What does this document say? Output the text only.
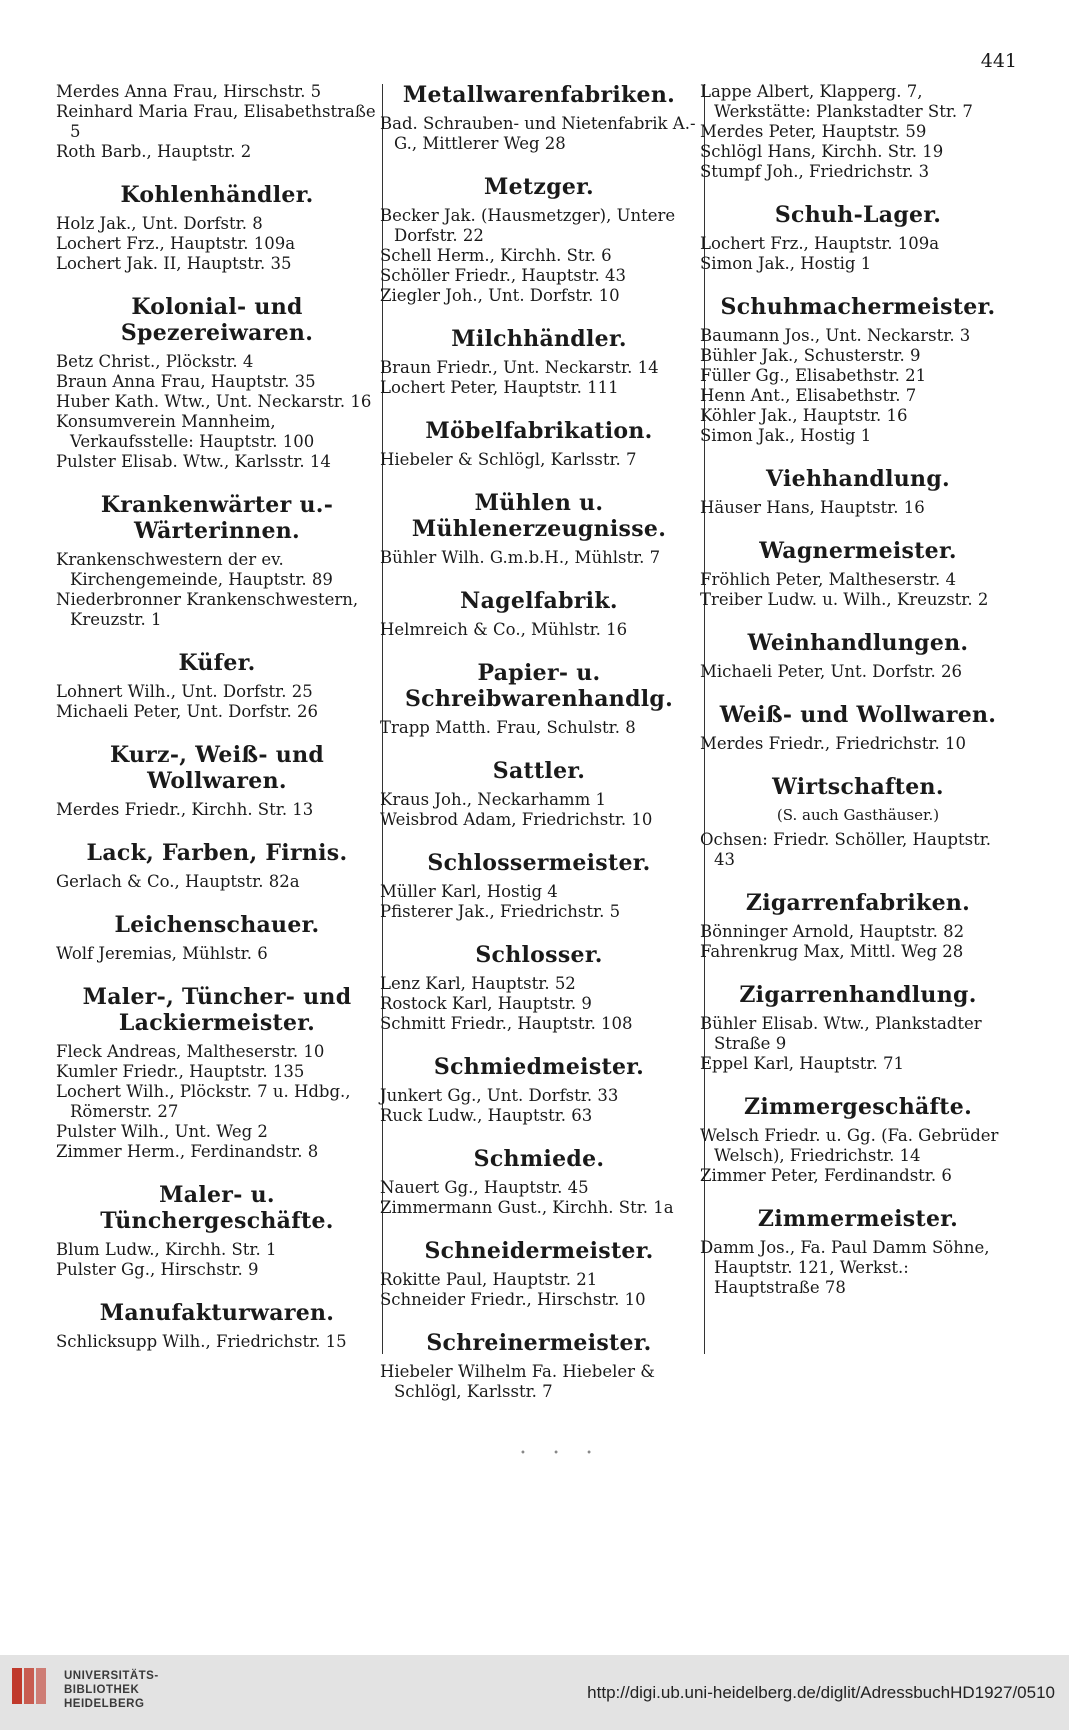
441

Merdes Anna Frau, Hirschstr. 5

Reinhard Maria Frau, Elisabethstraße 5

Roth Barb., Hauptstr. 2

Kohlenhändler.

Holz Jak., Unt. Dorfstr. 8

Lochert Frz., Hauptstr. 109a

Lochert Jak. II, Hauptstr. 35

Kolonial- und Spezereiwaren.

Betz Christ., Plöckstr. 4

Braun Anna Frau, Hauptstr. 35

Huber Kath. Wtw., Unt. Neckarstr. 16

Konsumverein Mannheim, Verkaufsstelle: Hauptstr. 100

Pulster Elisab. Wtw., Karlsstr. 14

Krankenwärter u.-Wärterinnen.

Krankenschwestern der ev. Kirchengemeinde, Hauptstr. 89

Niederbronner Krankenschwestern, Kreuzstr. 1

Küfer.

Lohnert Wilh., Unt. Dorfstr. 25

Michaeli Peter, Unt. Dorfstr. 26

Kurz-, Weiß- und Wollwaren.

Merdes Friedr., Kirchh. Str. 13

Lack, Farben, Firnis.

Gerlach & Co., Hauptstr. 82a

Leichenschauer.

Wolf Jeremias, Mühlstr. 6

Maler-, Tüncher- und Lackiermeister.

Fleck Andreas, Maltheserstr. 10

Kumler Friedr., Hauptstr. 135

Lochert Wilh., Plöckstr. 7 u. Hdbg., Römerstr. 27

Pulster Wilh., Unt. Weg 2

Zimmer Herm., Ferdinandstr. 8

Maler- u. Tünchergeschäfte.

Blum Ludw., Kirchh. Str. 1

Pulster Gg., Hirschstr. 9

Manufakturwaren.

Schlicksupp Wilh., Friedrichstr. 15

Metallwarenfabriken.

Bad. Schrauben- und Nietenfabrik A.-G., Mittlerer Weg 28

Metzger.

Becker Jak. (Hausmetzger), Untere Dorfstr. 22

Schell Herm., Kirchh. Str. 6

Schöller Friedr., Hauptstr. 43

Ziegler Joh., Unt. Dorfstr. 10

Milchhändler.

Braun Friedr., Unt. Neckarstr. 14

Lochert Peter, Hauptstr. 111

Möbelfabrikation.

Hiebeler & Schlögl, Karlsstr. 7

Mühlen u. Mühlenerzeugnisse.

Bühler Wilh. G.m.b.H., Mühlstr. 7

Nagelfabrik.

Helmreich & Co., Mühlstr. 16

Papier- u. Schreibwarenhandlg.

Trapp Matth. Frau, Schulstr. 8

Sattler.

Kraus Joh., Neckarhamm 1

Weisbrod Adam, Friedrichstr. 10

Schlossermeister.

Müller Karl, Hostig 4

Pfisterer Jak., Friedrichstr. 5

Schlosser.

Lenz Karl, Hauptstr. 52

Rostock Karl, Hauptstr. 9

Schmitt Friedr., Hauptstr. 108

Schmiedmeister.

Junkert Gg., Unt. Dorfstr. 33

Ruck Ludw., Hauptstr. 63

Schmiede.

Nauert Gg., Hauptstr. 45

Zimmermann Gust., Kirchh. Str. 1a

Schneidermeister.

Rokitte Paul, Hauptstr. 21

Schneider Friedr., Hirschstr. 10

Schreinermeister.

Hiebeler Wilhelm Fa. Hiebeler & Schlögl, Karlsstr. 7

Lappe Albert, Klapperg. 7, Werkstätte: Plankstadter Str. 7

Merdes Peter, Hauptstr. 59

Schlögl Hans, Kirchh. Str. 19

Stumpf Joh., Friedrichstr. 3

Schuh-Lager.

Lochert Frz., Hauptstr. 109a

Simon Jak., Hostig 1

Schuhmachermeister.

Baumann Jos., Unt. Neckarstr. 3

Bühler Jak., Schusterstr. 9

Füller Gg., Elisabethstr. 21

Henn Ant., Elisabethstr. 7

Köhler Jak., Hauptstr. 16

Simon Jak., Hostig 1

Viehhandlung.

Häuser Hans, Hauptstr. 16

Wagnermeister.

Fröhlich Peter, Maltheserstr. 4

Treiber Ludw. u. Wilh., Kreuzstr. 2

Weinhandlungen.

Michaeli Peter, Unt. Dorfstr. 26

Weiß- und Wollwaren.

Merdes Friedr., Friedrichstr. 10

Wirtschaften.

(S. auch Gasthäuser.)

Ochsen: Friedr. Schöller, Hauptstr. 43

Zigarrenfabriken.

Bönninger Arnold, Hauptstr. 82

Fahrenkrug Max, Mittl. Weg 28

Zigarrenhandlung.

Bühler Elisab. Wtw., Plankstadter Straße 9

Eppel Karl, Hauptstr. 71

Zimmergeschäfte.

Welsch Friedr. u. Gg. (Fa. Gebrüder Welsch), Friedrichstr. 14

Zimmer Peter, Ferdinandstr. 6

Zimmermeister.

Damm Jos., Fa. Paul Damm Söhne, Hauptstr. 121, Werkst.: Hauptstraße 78

• • •
UNIVERSITÄTS-
BIBLIOTHEK
HEIDELBERG
http://digi.ub.uni-heidelberg.de/diglit/AdressbuchHD1927/0510
